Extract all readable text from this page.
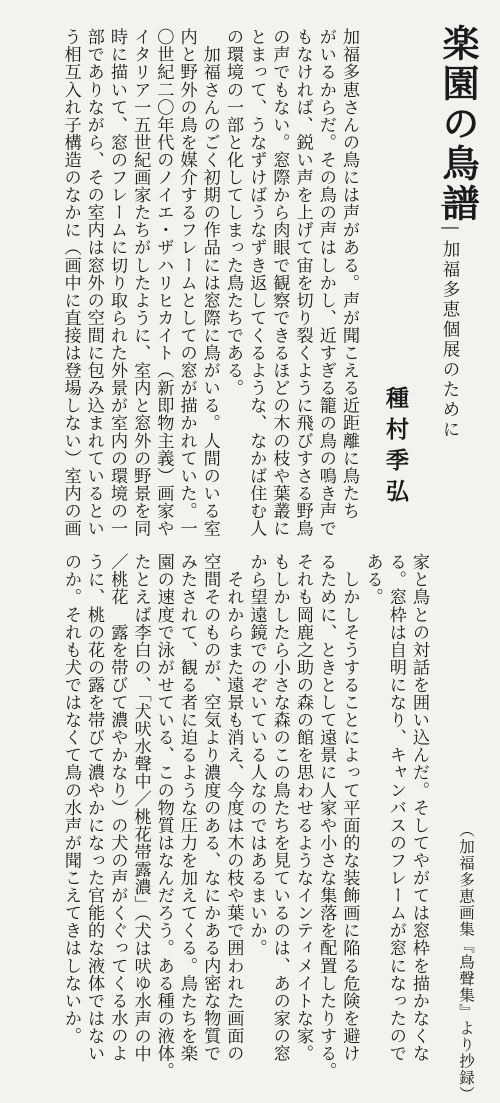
楽園の鳥譜
――加福多恵個展のために
種村季弘
加福多恵さんの鳥には声がある。声が聞こえる近距離に鳥たち
がいるからだ。その鳥の声はしかし、近すぎる籠の鳥の鳴き声で
もなければ、鋭い声を上げて宙を切り裂くように飛びすさる野鳥
の声でもない。窓際から肉眼で観察できるほどの木の枝や葉叢に
とまって、うなずけばうなずき返してくるような、なかば住む人
の環境の一部と化してしまった鳥たちである。
　加福さんのごく初期の作品には窓際に鳥がいる。人間のいる室
内と野外の鳥を媒介するフレームとしての窓が描かれていた。一
〇世紀二〇年代のノイエ・ザハリヒカイト（新即物主義）画家や
イタリア一五世紀画家たちがしたように、室内と窓外の野景を同
時に描いて、窓のフレームに切り取られた外景が室内の環境の一
部でありながら、その室内は窓外の空間に包み込まれているとい
う相互入れ子構造のなかに（画中に直接は登場しない）室内の画
家と鳥との対話を囲い込んだ。そしてやがては窓枠を描かなくな
る。窓枠は自明になり、キャンバスのフレームが窓になったので
ある。
　しかしそうすることによって平面的な装飾画に陥る危険を避け
るために、ときとして遠景に人家や小さな集落を配置したりする。
それも岡鹿之助の森の館を思わせるようなインティメイトな家。
もしかしたら小さな森のこの鳥たちを見ているのは、あの家の窓
から望遠鏡でのぞいている人なのではあるまいか。
　それからまた遠景も消え、今度は木の枝や葉で囲われた画面の
空間そのものが、空気より濃度のある、なにかある内密な物質で
みたされて、観る者に迫るような圧力を加えてくる。鳥たちを楽
園の速度で泳がせている、この物質はなんだろう。ある種の液体。
たとえば李白の、「犬吠水聲中／桃花帯露濃」（犬は吠ゆ水声の中
／桃花　露を帯びて濃やかなり）の犬の声がくぐってくる水のよ
うに、桃の花の露を帯びて濃やかになった官能的な液体ではない
のか。それも犬ではなくて鳥の水声が聞こえてきはしないか。	（加福多恵画集『鳥聲集』より抄録）
